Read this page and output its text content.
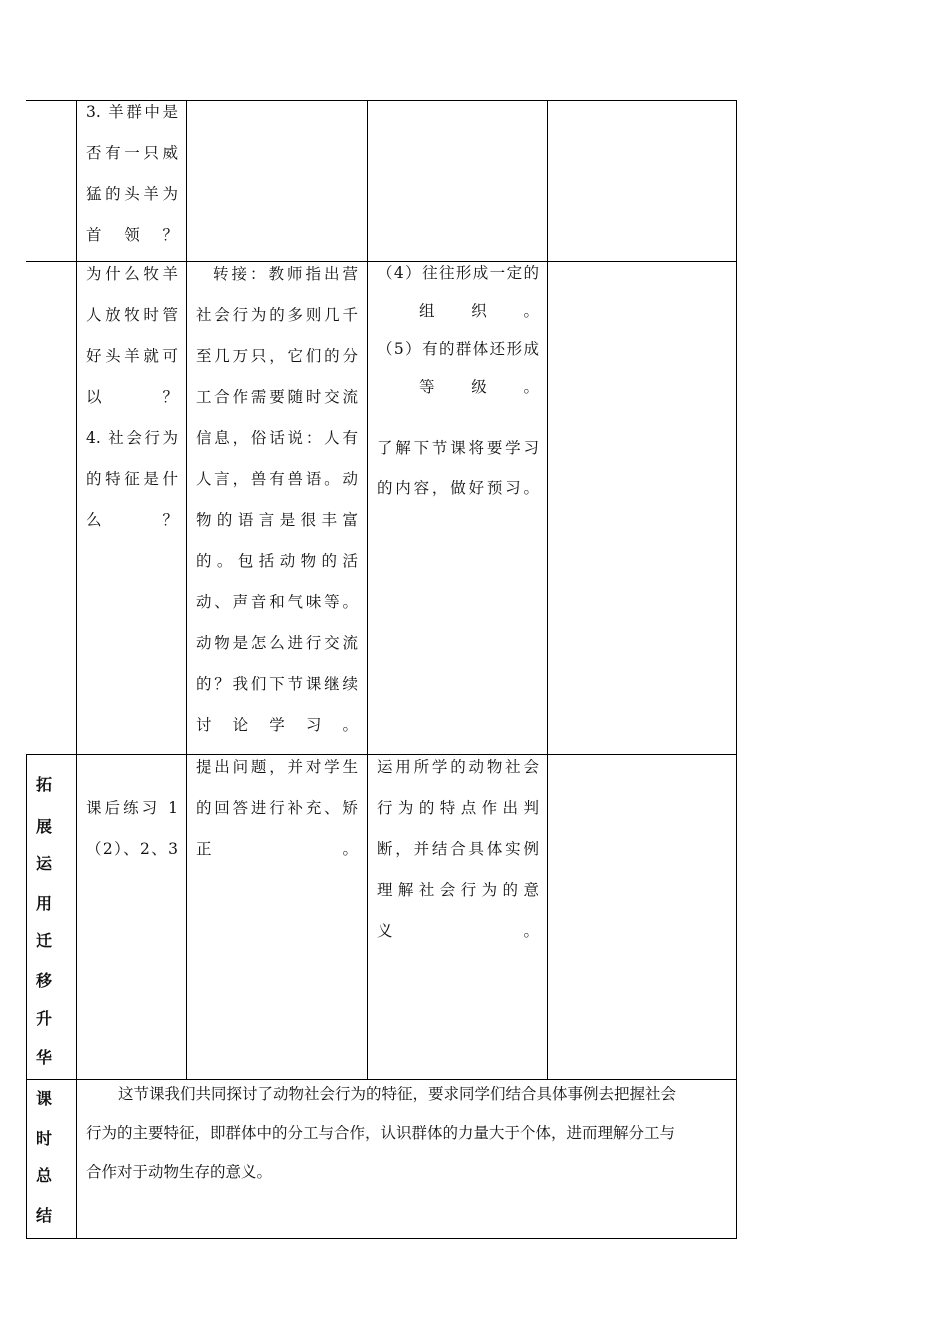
3. 羊群中是
否有一只威
猛的头羊为
首领？
为什么牧羊
人放牧时管
好头羊就可
以？
4. 社会行为
的特征是什
么？
转接：教师指出营
社会行为的多则几千
至几万只，它们的分
工合作需要随时交流
信息，俗话说：人有
人言，兽有兽语。动
物的语言是很丰富
的。包括动物的活
动、声音和气味等。
动物是怎么进行交流
的？我们下节课继续
讨论学习。
（4）往往形成一定的
组织。
（5）有的群体还形成
等级。
了解下节课将要学习
的内容，做好预习。
拓
展
运
用
迁
移
升
华
课后练习 1
（2）、2、3
提出问题，并对学生
的回答进行补充、矫
正。
运用所学的动物社会
行为的特点作出判
断，并结合具体实例
理解社会行为的意
义。
课
时
总
结
这节课我们共同探讨了动物社会行为的特征，要求同学们结合具体事例去把握社会
行为的主要特征，即群体中的分工与合作，认识群体的力量大于个体，进而理解分工与
合作对于动物生存的意义。
